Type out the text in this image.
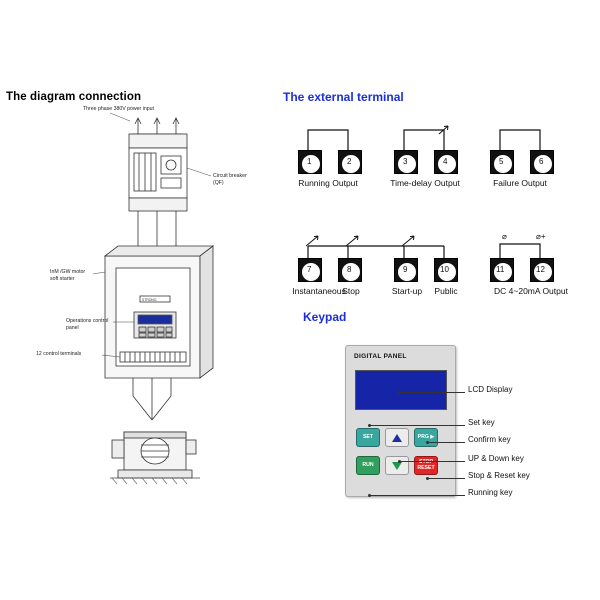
The diagram connection	The external terminal
Keypad
STRONG
Three phase 380V power input
Circuit breaker
(QF)
InM /GW motor
soft starter
Operations control
panel
12 control terminals
1	2
Running Output
3	4
Time-delay Output
5	6
Failure Output
7	8	9	10	11	12
Instantaneous
Stop	Start-up	Public	DC 4~20mA Output
⌀	⌀+
DIGITAL PANEL
SET	PRG ▶
RUN	STOP RESET
LCD Display
Set key
Confirm key
UP & Down key
Stop & Reset key
Running key
